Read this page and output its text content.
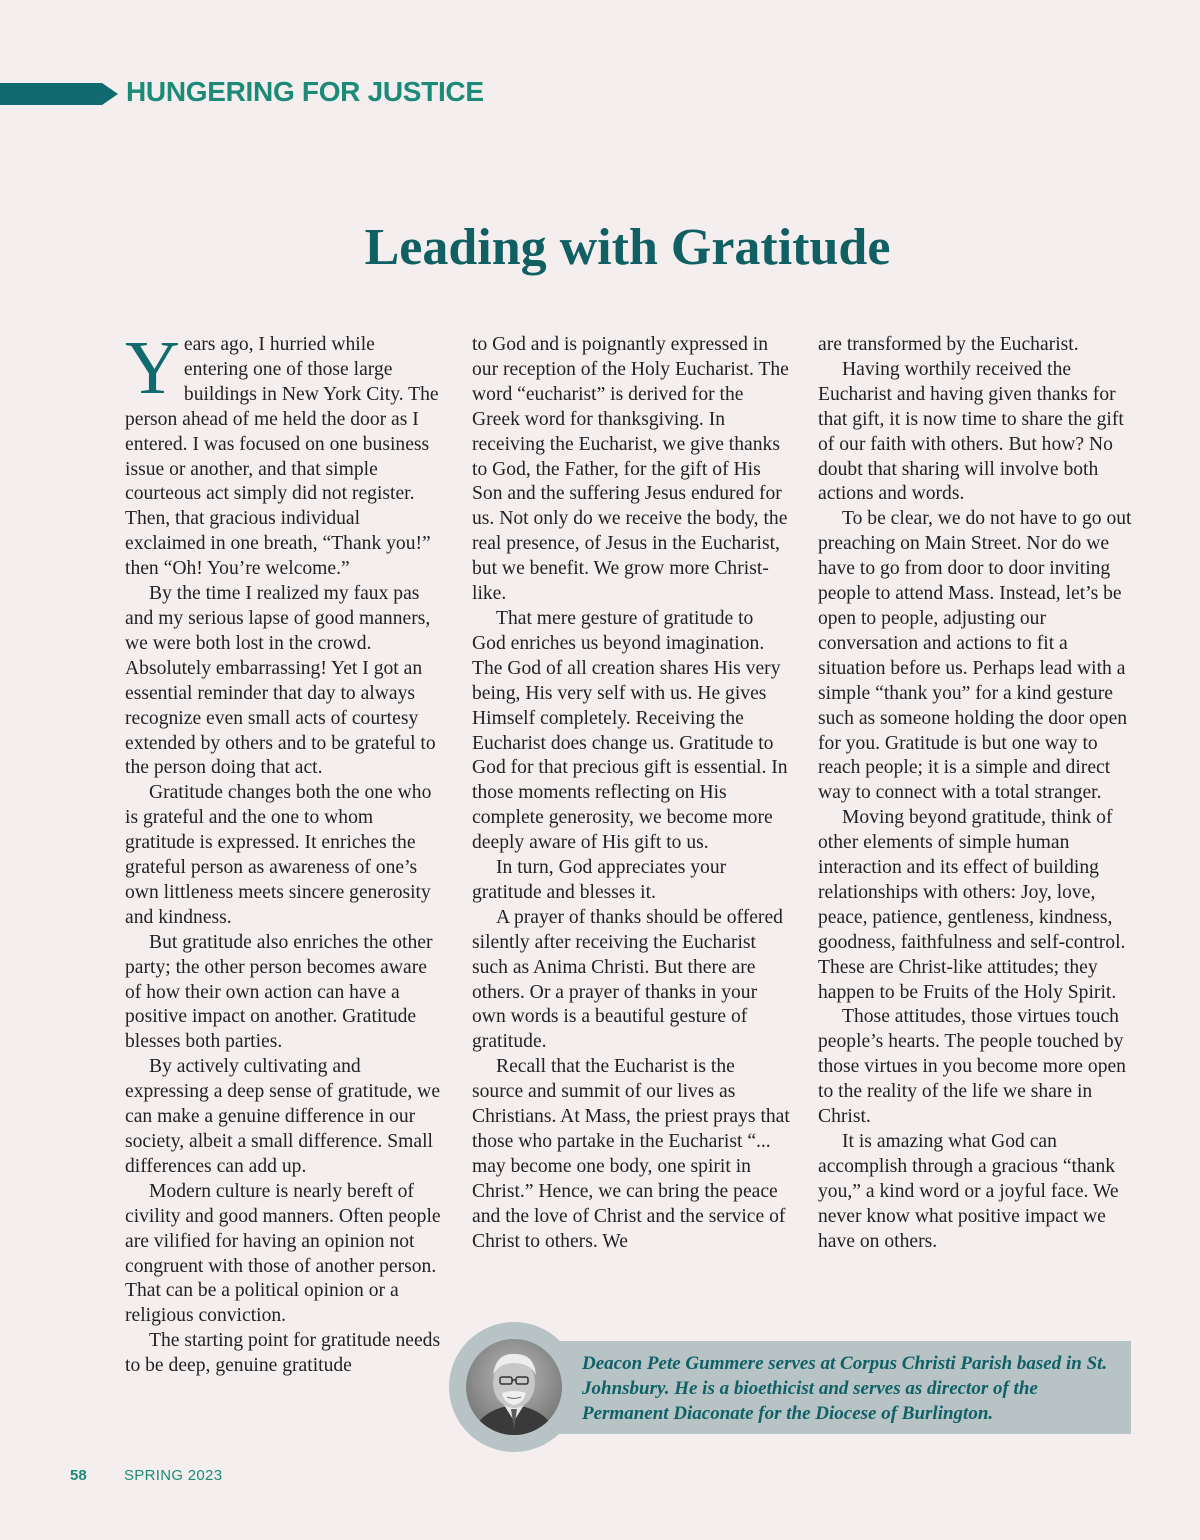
HUNGERING FOR JUSTICE
Leading with Gratitude

Years ago, I hurried while entering one of those large buildings in New York City. The person ahead of me held the door as I entered. I was focused on one business issue or another, and that simple courteous act simply did not register. Then, that gracious individual exclaimed in one breath, “Thank you!” then “Oh! You’re welcome.”

By the time I realized my faux pas and my serious lapse of good manners, we were both lost in the crowd. Absolutely embarrassing! Yet I got an essential reminder that day to always recognize even small acts of courtesy extended by others and to be grateful to the person doing that act.

Gratitude changes both the one who is grateful and the one to whom gratitude is expressed. It enriches the grateful person as awareness of one’s own littleness meets sincere generosity and kindness.

But gratitude also enriches the other party; the other person becomes aware of how their own action can have a positive impact on another. Gratitude blesses both parties.

By actively cultivating and expressing a deep sense of gratitude, we can make a genuine difference in our society, albeit a small difference. Small differences can add up.

Modern culture is nearly bereft of civility and good manners. Often people are vilified for having an opinion not congruent with those of another person. That can be a political opinion or a religious conviction.

The starting point for gratitude needs to be deep, genuine gratitude

to God and is poignantly expressed in our reception of the Holy Eucharist. The word “eucharist” is derived for the Greek word for thanksgiving. In receiving the Eucharist, we give thanks to God, the Father, for the gift of His Son and the suffering Jesus endured for us. Not only do we receive the body, the real presence, of Jesus in the Eucharist, but we benefit. We grow more Christ-like.

That mere gesture of gratitude to God enriches us beyond imagination. The God of all creation shares His very being, His very self with us. He gives Himself completely. Receiving the Eucharist does change us. Gratitude to God for that precious gift is essential. In those moments reflecting on His complete generosity, we become more deeply aware of His gift to us.

In turn, God appreciates your gratitude and blesses it.

A prayer of thanks should be offered silently after receiving the Eucharist such as Anima Christi. But there are others. Or a prayer of thanks in your own words is a beautiful gesture of gratitude.

Recall that the Eucharist is the source and summit of our lives as Christians. At Mass, the priest prays that those who partake in the Eucharist “... may become one body, one spirit in Christ.” Hence, we can bring the peace and the love of Christ and the service of Christ to others. We

are transformed by the Eucharist.

Having worthily received the Eucharist and having given thanks for that gift, it is now time to share the gift of our faith with others. But how? No doubt that sharing will involve both actions and words.

To be clear, we do not have to go out preaching on Main Street. Nor do we have to go from door to door inviting people to attend Mass. Instead, let’s be open to people, adjusting our conversation and actions to fit a situation before us. Perhaps lead with a simple “thank you” for a kind gesture such as someone holding the door open for you. Gratitude is but one way to reach people; it is a simple and direct way to connect with a total stranger.

Moving beyond gratitude, think of other elements of simple human interaction and its effect of building relationships with others: Joy, love, peace, patience, gentleness, kindness, goodness, faithfulness and self-control. These are Christ-like attitudes; they happen to be Fruits of the Holy Spirit.

Those attitudes, those virtues touch people’s hearts. The people touched by those virtues in you become more open to the reality of the life we share in Christ.

It is amazing what God can accomplish through a gracious “thank you,” a kind word or a joyful face. We never know what positive impact we have on others.

Deacon Pete Gummere serves at Corpus Christi Parish based in St. Johnsbury. He is a bioethicist and serves as director of the Permanent Diaconate for the Diocese of Burlington.
58 SPRING 2023
